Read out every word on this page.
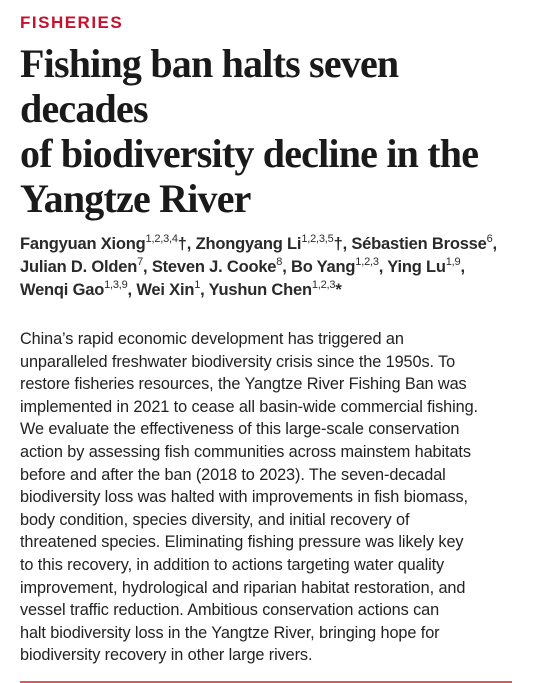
FISHERIES
Fishing ban halts seven decades
of biodiversity decline in the
Yangtze River
Fangyuan Xiong$^{1,2,3,4}$†, Zhongyang Li$^{1,2,3,5}$†, Sébastien Brosse$^6$,
Julian D. Olden$^7$, Steven J. Cooke$^8$, Bo Yang$^{1,2,3}$, Ying Lu$^{1,9}$,
Wenqi Gao$^{1,3,9}$, Wei Xin$^1$, Yushun Chen$^{1,2,3}$*

China’s rapid economic development has triggered an
unparalleled freshwater biodiversity crisis since the 1950s. To
restore fisheries resources, the Yangtze River Fishing Ban was
implemented in 2021 to cease all basin-wide commercial fishing.
We evaluate the effectiveness of this large-scale conservation
action by assessing fish communities across mainstem habitats
before and after the ban (2018 to 2023). The seven-decadal
biodiversity loss was halted with improvements in fish biomass,
body condition, species diversity, and initial recovery of
threatened species. Eliminating fishing pressure was likely key
to this recovery, in addition to actions targeting water quality
improvement, hydrological and riparian habitat restoration, and
vessel traffic reduction. Ambitious conservation actions can
halt biodiversity loss in the Yangtze River, bringing hope for
biodiversity recovery in other large rivers.
